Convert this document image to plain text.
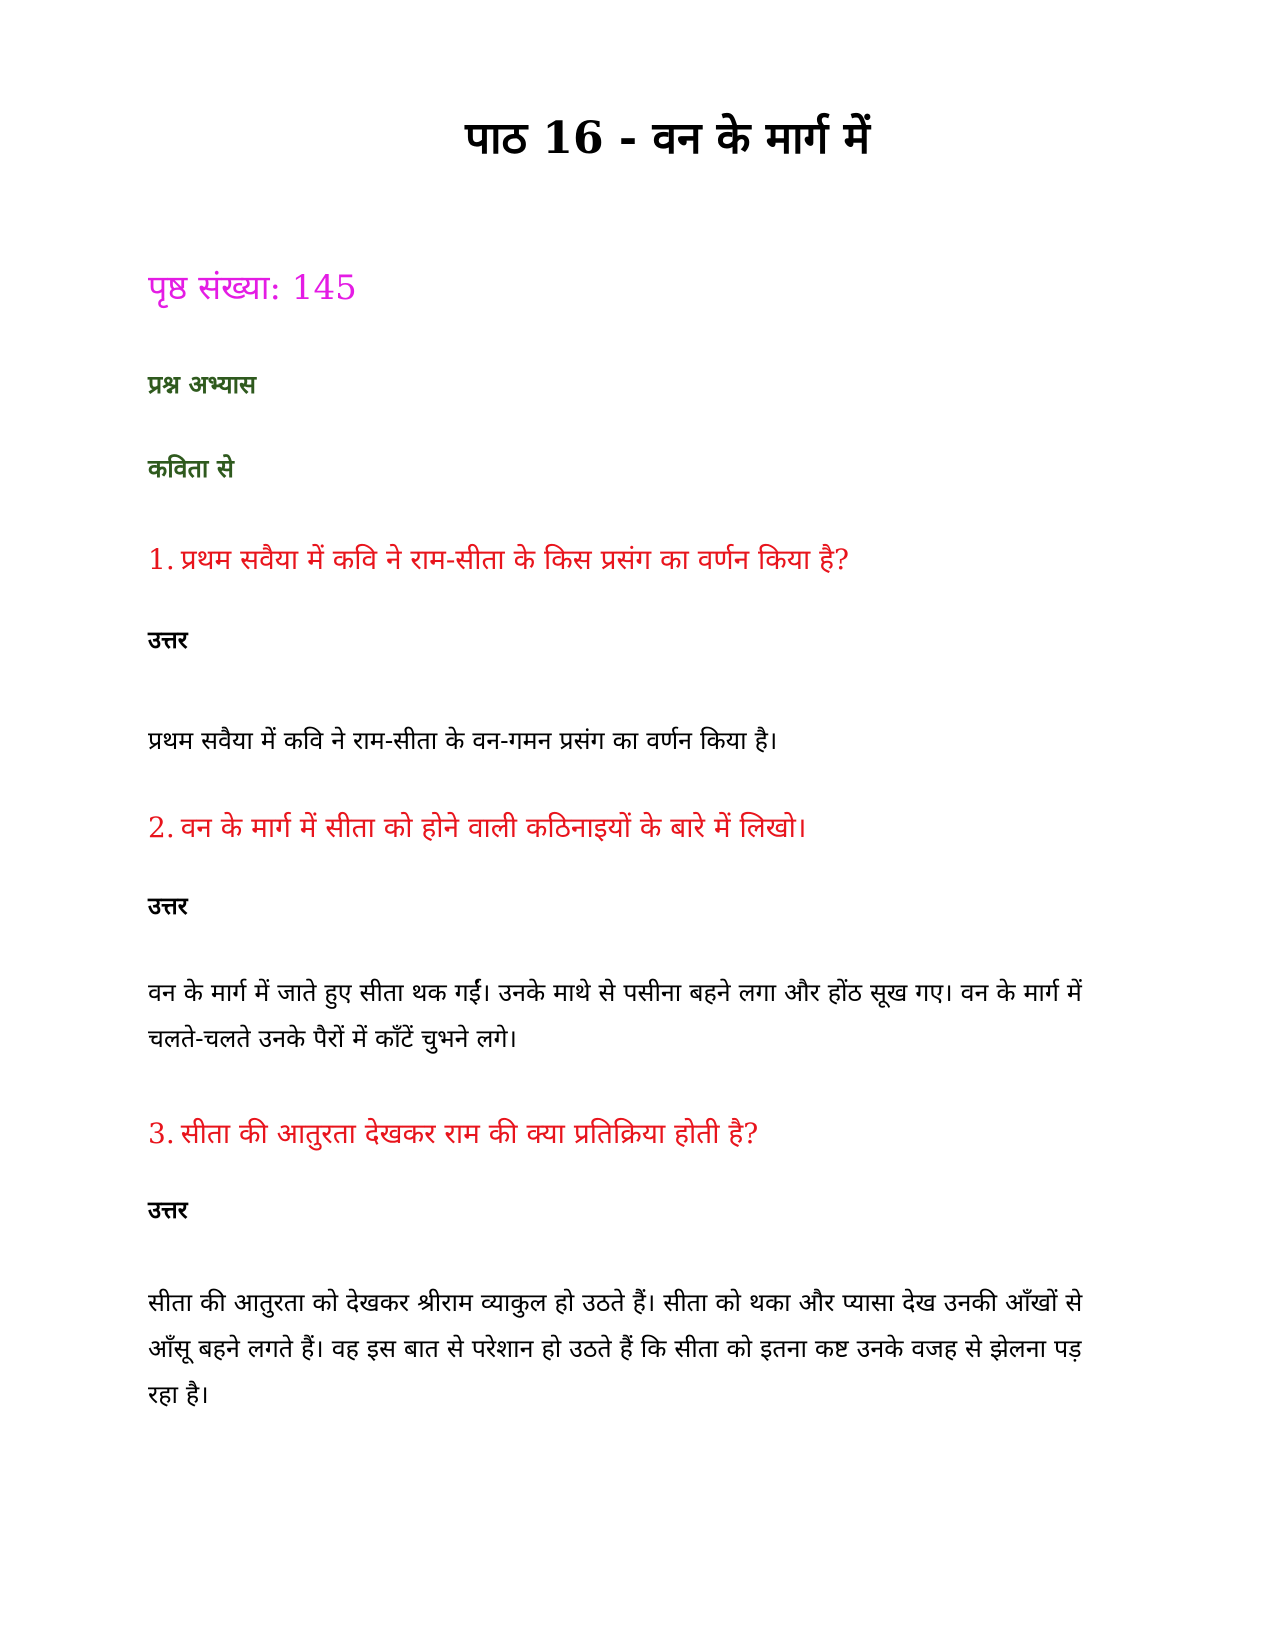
पाठ 16 - वन के मार्ग में

पृष्ठ संख्या: 145

प्रश्न अभ्यास

कविता से

1. प्रथम सवैया में कवि ने राम-सीता के किस प्रसंग का वर्णन किया है?

उत्तर

प्रथम सवैया में कवि ने राम-सीता के वन-गमन प्रसंग का वर्णन किया है।

2. वन के मार्ग में सीता को होने वाली कठिनाइयों के बारे में लिखो।

उत्तर

वन के मार्ग में जाते हुए सीता थक गईं। उनके माथे से पसीना बहने लगा और होंठ सूख गए। वन के मार्ग में चलते-चलते उनके पैरों में काँटें चुभने लगे।

3. सीता की आतुरता देखकर राम की क्या प्रतिक्रिया होती है?

उत्तर

सीता की आतुरता को देखकर श्रीराम व्याकुल हो उठते हैं। सीता को थका और प्यासा देख उनकी आँखों से आँसू बहने लगते हैं। वह इस बात से परेशान हो उठते हैं कि सीता को इतना कष्ट उनके वजह से झेलना पड़ रहा है।
